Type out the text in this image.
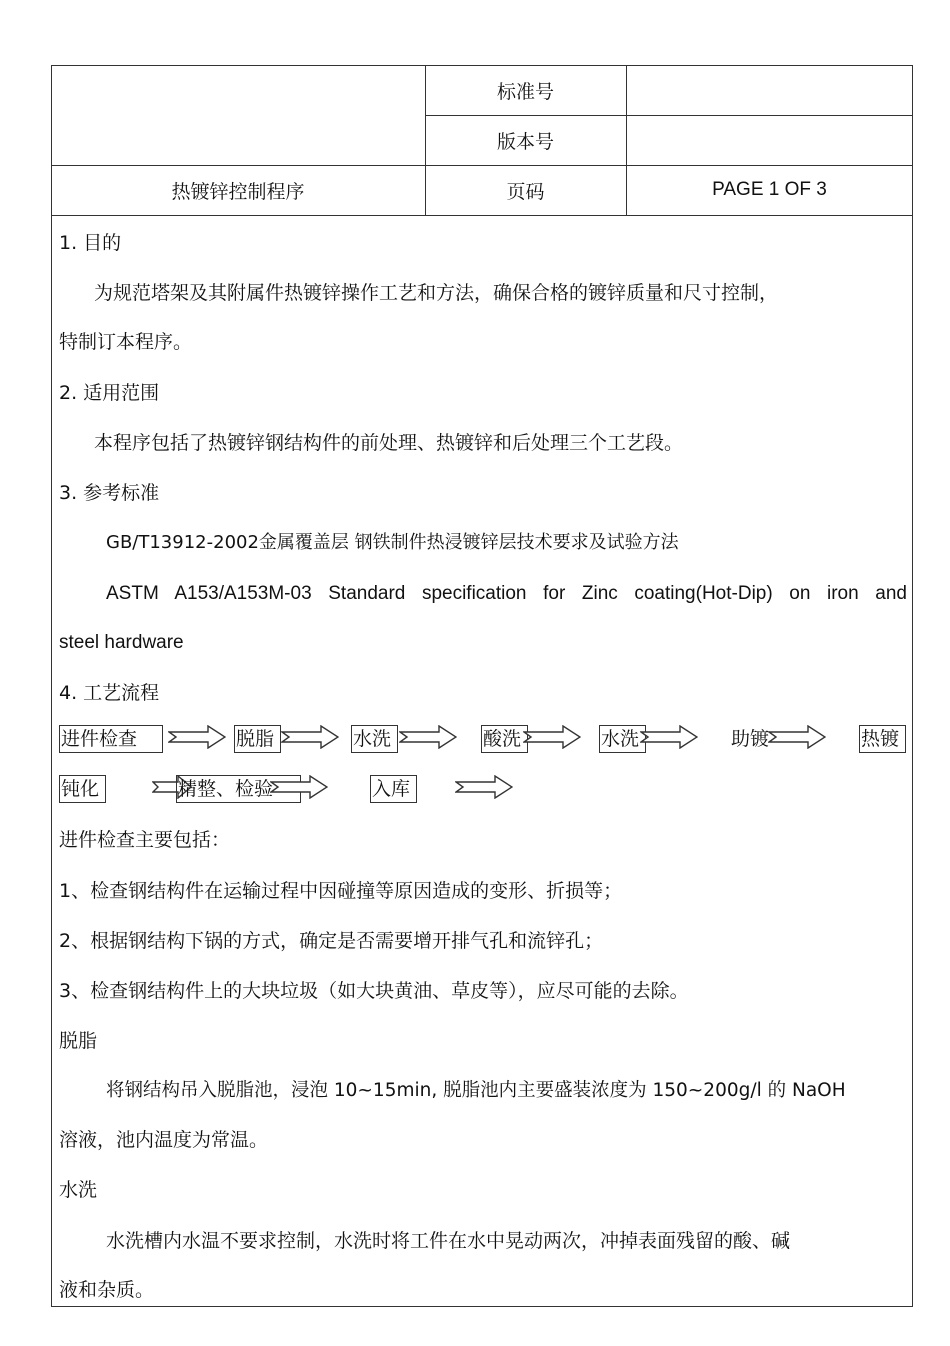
标准号
版本号
热镀锌控制程序	页码	PAGE 1 OF 3
1. 目的
为规范塔架及其附属件热镀锌操作工艺和方法，确保合格的镀锌质量和尺寸控制，
特制订本程序。
2. 适用范围
本程序包括了热镀锌钢结构件的前处理、热镀锌和后处理三个工艺段。
3. 参考标准
GB/T13912-2002金属覆盖层 钢铁制件热浸镀锌层技术要求及试验方法
ASTM A153/A153M-03 Standard specification for Zinc coating(Hot-Dip) on iron and
steel hardware
4. 工艺流程
进件检查	脱脂	水洗	酸洗	水洗	助镀	热镀
钝化	精整、检验	入库
进件检查主要包括：
1、检查钢结构件在运输过程中因碰撞等原因造成的变形、折损等；
2、根据钢结构下锅的方式，确定是否需要增开排气孔和流锌孔；
3、检查钢结构件上的大块垃圾（如大块黄油、草皮等），应尽可能的去除。
脱脂
将钢结构吊入脱脂池，浸泡 10~15min, 脱脂池内主要盛装浓度为 150~200g/l 的 NaOH
溶液，池内温度为常温。
水洗
水洗槽内水温不要求控制，水洗时将工件在水中晃动两次，冲掉表面残留的酸、碱
液和杂质。
